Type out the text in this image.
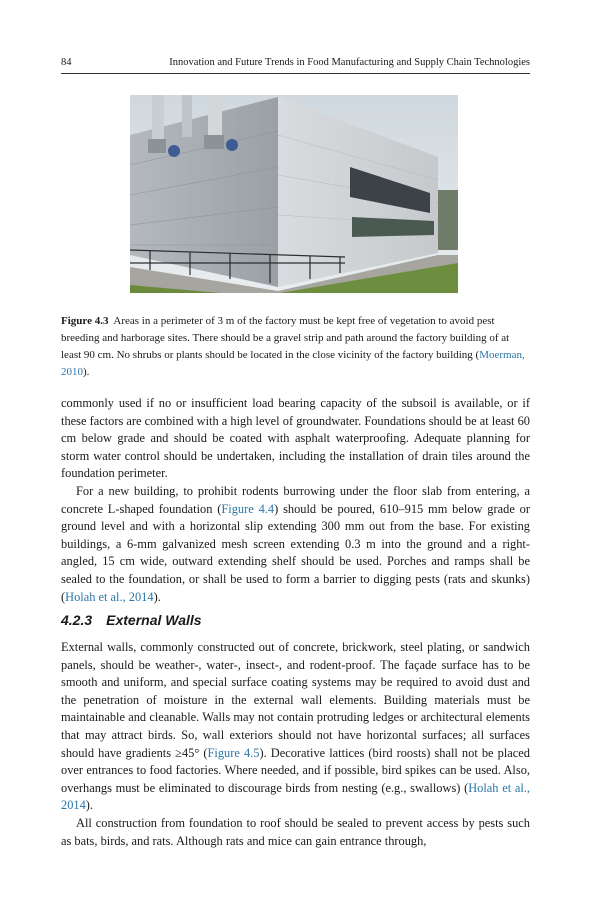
84	Innovation and Future Trends in Food Manufacturing and Supply Chain Technologies
Figure 4.3 Areas in a perimeter of 3 m of the factory must be kept free of vegetation to avoid pest breeding and harborage sites. There should be a gravel strip and path around the factory building of at least 90 cm. No shrubs or plants should be located in the close vicinity of the factory building (Moerman, 2010).

commonly used if no or insufficient load bearing capacity of the subsoil is available, or if these factors are combined with a high level of groundwater. Foundations should be at least 60 cm below grade and should be coated with asphalt waterproofing. Adequate planning for storm water control should be undertaken, including the installation of drain tiles around the foundation perimeter.

For a new building, to prohibit rodents burrowing under the floor slab from entering, a concrete L-shaped foundation (Figure 4.4) should be poured, 610–915 mm below grade or ground level and with a horizontal slip extending 300 mm out from the base. For existing buildings, a 6-mm galvanized mesh screen extending 0.3 m into the ground and a right-angled, 15 cm wide, outward extending shelf should be used. Porches and ramps shall be sealed to the foundation, or shall be used to form a barrier to digging pests (rats and skunks) (Holah et al., 2014).

4.2.3 External Walls

External walls, commonly constructed out of concrete, brickwork, steel plating, or sandwich panels, should be weather-, water-, insect-, and rodent-proof. The façade surface has to be smooth and uniform, and special surface coating systems may be required to avoid dust and the penetration of moisture in the external wall elements. Building materials must be maintainable and cleanable. Walls may not contain protruding ledges or architectural elements that may attract birds. So, wall exteriors should not have horizontal surfaces; all surfaces should have gradients ≥45° (Figure 4.5). Decorative lattices (bird roosts) shall not be placed over entrances to food factories. Where needed, and if possible, bird spikes can be used. Also, overhangs must be eliminated to discourage birds from nesting (e.g., swallows) (Holah et al., 2014).

All construction from foundation to roof should be sealed to prevent access by pests such as bats, birds, and rats. Although rats and mice can gain entrance through,
